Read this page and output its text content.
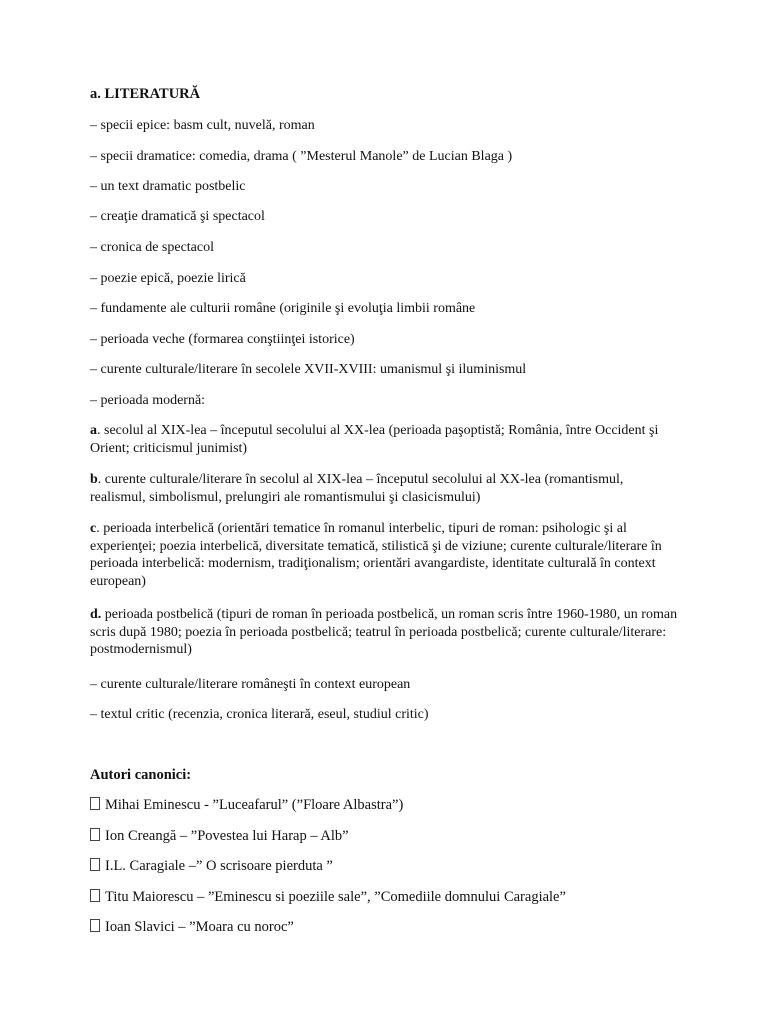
a. LITERATURĂ
– specii epice: basm cult, nuvelă, roman
– specii dramatice: comedia, drama ( ”Mesterul Manole” de Lucian Blaga )
– un text dramatic postbelic
– creaţie dramatică şi spectacol
– cronica de spectacol
– poezie epică, poezie lirică
– fundamente ale culturii române (originile şi evoluţia limbii române
– perioada veche (formarea conştiinţei istorice)
– curente culturale/literare în secolele XVII-XVIII: umanismul şi iluminismul
– perioada modernă:
a. secolul al XIX-lea – începutul secolului al XX-lea (perioada paşoptistă; România, între Occident şi Orient; criticismul junimist)
b. curente culturale/literare în secolul al XIX-lea – începutul secolului al XX-lea (romantismul, realismul, simbolismul, prelungiri ale romantismului şi clasicismului)
c. perioada interbelică (orientări tematice în romanul interbelic, tipuri de roman: psihologic şi al experienţei; poezia interbelică, diversitate tematică, stilistică şi de viziune; curente culturale/literare în perioada interbelică: modernism, tradiţionalism; orientări avangardiste, identitate culturală în context european)
d. perioada postbelică (tipuri de roman în perioada postbelică, un roman scris între 1960-1980, un roman scris după 1980; poezia în perioada postbelică; teatrul în perioada postbelică; curente culturale/literare: postmodernismul)
– curente culturale/literare româneşti în context european
– textul critic (recenzia, cronica literară, eseul, studiul critic)
Autori canonici:
Mihai Eminescu - ”Luceafarul” (”Floare Albastra”)
Ion Creangă – ”Povestea lui Harap – Alb”
I.L. Caragiale –” O scrisoare pierduta ”
Titu Maiorescu – ”Eminescu si poeziile sale”, ”Comediile domnului Caragiale”
Ioan Slavici – ”Moara cu noroc”
